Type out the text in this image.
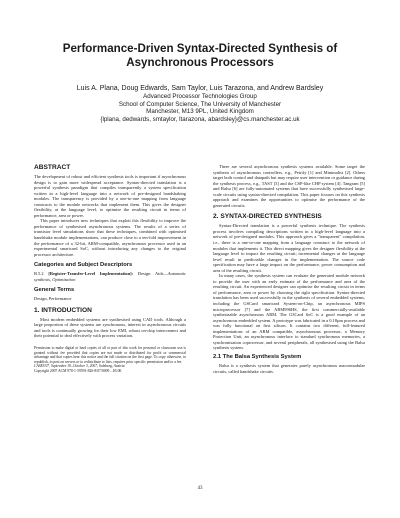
Performance-Driven Syntax-Directed Synthesis of
Asynchronous Processors
Luis A. Plana, Doug Edwards, Sam Taylor, Luis Tarazona, and Andrew Bardsley
Advanced Processor Technologies Group
School of Computer Science, The University of Manchester
Manchester, M13 9PL, United Kingdom
{lplana, dedwards, smtaylor, ltarazona, abardsley}@cs.manchester.ac.uk
ABSTRACT

The development of robust and efficient synthesis tools is important if asynchronous design is to gain more widespread acceptance. Syntax-directed translation is a powerful synthesis paradigm that compiles transparently a system specification written in a high-level language into a network of pre-designed handshaking modules. The transparency is provided by a one-to-one mapping from language constructs to the module networks that implement them. This gives the designer flexibility, at the language level, to optimise the resulting circuit in terms of performance, area or power.

This paper introduces new techniques that exploit this flexibility to improve the performance of synthesised asynchronous systems. The results of a series of transistor level simulations show that these techniques, combined with optimised handshake module implementations, can produce close to a ten-fold improvement in the performance of a 32-bit, ARM-compatible, asynchronous processor used in an experimental smartcard SoC, without introducing any changes to the original processor architecture.

Categories and Subject Descriptors

B.5.2 [Register-Transfer-Level Implementation]: Design Aids—Automatic synthesis, Optimization

General Terms

Design, Performance

1. INTRODUCTION

Most modern embedded systems are synthesised using CAD tools. Although a large proportion of these systems are synchronous, interest in asynchronous circuits and tools is continually growing for their low EMI, robust on-chip interconnect and their potential to deal effectively with process variation.

Permission to make digital or hard copies of all or part of this work for personal or classroom use is granted without fee provided that copies are not made or distributed for profit or commercial advantage and that copies bear this notice and the full citation on the first page. To copy otherwise, to republish, to post on servers or to redistribute to lists, requires prior specific permission and/or a fee.

CASES'07, September 30–October 3, 2007, Salzburg, Austria.

Copyright 2007 ACM 978-1-59593-826-8/07/0009 ...$5.00.

There are several asynchronous synthesis systems available. Some target the synthesis of asynchronous controllers, e.g., Petrify [1] and Minimalist [2]. Others target both control and datapath but may require user intervention or guidance during the synthesis process, e.g., TAST [3] and the CSP-like CHP system [4]. Tangram [5] and Balsa [6] are fully-automated systems that have successfully synthesised large-scale circuits using syntax-directed compilation. This paper focuses on this synthesis approach and examines the opportunities to optimise the performance of the generated circuits.

2. SYNTAX-DIRECTED SYNTHESIS

Syntax-Directed translation is a powerful synthesis technique. The synthesis process involves compiling descriptions written in a high-level language into a network of pre-designed modules. This approach gives a "transparent" compilation, i.e., there is a one-to-one mapping from a language construct to the network of modules that implements it. This direct mapping gives the designer flexibility at the language level to impact the resulting circuit; incremental changes at the language level result in predictable changes in the implementation. The source code specification may have a large impact on the performance, power consumption and area of the resulting circuit.

In many cases, the synthesis system can evaluate the generated module network to provide the user with an early estimate of the performance and area of the resulting circuit. An experienced designer can optimise the resulting circuit in terms of performance, area or power by choosing the right specification. Syntax-directed translation has been used successfully in the synthesis of several embedded systems, including the GSCard smartcard System-on-Chip, an asynchronous MIPS microprocessor [7] and the ARM996HS, the first commercially-available synthesizable asynchronous ARM. The G3Card SoC is a good example of an asynchronous embedded system. A prototype was fabricated in a 0.18µm process and was fully functional on first silicon. It contains two different, full-featured implementations of an ARM compatible, asynchronous processor, a Memory Protection Unit, an asynchronous interface to standard synchronous memories, a synchronisation coprocessor, and several peripherals, all synthesised using the Balsa synthesis system.

2.1 The Balsa Synthesis System

Balsa is a synthesis system that generates purely asynchronous macromodular circuits, called handshake circuits.

43
